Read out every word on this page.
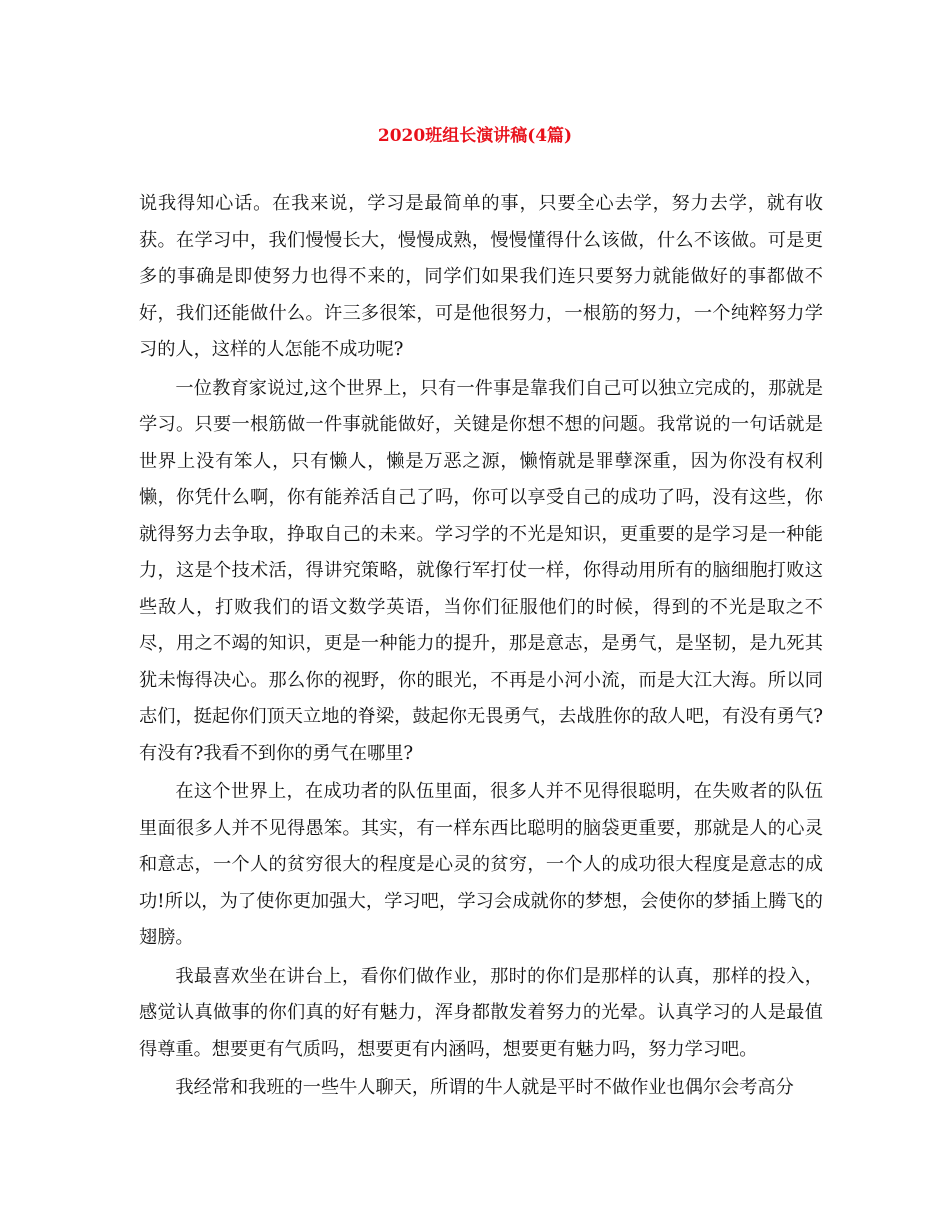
2020班组长演讲稿(4篇)

说我得知心话。在我来说，学习是最简单的事，只要全心去学，努力去学，就有收获。在学习中，我们慢慢长大，慢慢成熟，慢慢懂得什么该做，什么不该做。可是更多的事确是即使努力也得不来的，同学们如果我们连只要努力就能做好的事都做不好，我们还能做什么。许三多很笨，可是他很努力，一根筋的努力，一个纯粹努力学习的人，这样的人怎能不成功呢?

一位教育家说过,这个世界上，只有一件事是靠我们自己可以独立完成的，那就是学习。只要一根筋做一件事就能做好，关键是你想不想的问题。我常说的一句话就是世界上没有笨人，只有懒人，懒是万恶之源，懒惰就是罪孽深重，因为你没有权利懒，你凭什么啊，你有能养活自己了吗，你可以享受自己的成功了吗，没有这些，你就得努力去争取，挣取自己的未来。学习学的不光是知识，更重要的是学习是一种能力，这是个技术活，得讲究策略，就像行军打仗一样，你得动用所有的脑细胞打败这些敌人，打败我们的语文数学英语，当你们征服他们的时候，得到的不光是取之不尽，用之不竭的知识，更是一种能力的提升，那是意志，是勇气，是坚韧，是九死其犹未悔得决心。那么你的视野，你的眼光，不再是小河小流，而是大江大海。所以同志们，挺起你们顶天立地的脊梁，鼓起你无畏勇气，去战胜你的敌人吧，有没有勇气?有没有?我看不到你的勇气在哪里?

在这个世界上，在成功者的队伍里面，很多人并不见得很聪明，在失败者的队伍里面很多人并不见得愚笨。其实，有一样东西比聪明的脑袋更重要，那就是人的心灵和意志，一个人的贫穷很大的程度是心灵的贫穷，一个人的成功很大程度是意志的成功!所以，为了使你更加强大，学习吧，学习会成就你的梦想，会使你的梦插上腾飞的翅膀。

我最喜欢坐在讲台上，看你们做作业，那时的你们是那样的认真，那样的投入，感觉认真做事的你们真的好有魅力，浑身都散发着努力的光晕。认真学习的人是最值得尊重。想要更有气质吗，想要更有内涵吗，想要更有魅力吗，努力学习吧。

我经常和我班的一些牛人聊天，所谓的牛人就是平时不做作业也偶尔会考高分
